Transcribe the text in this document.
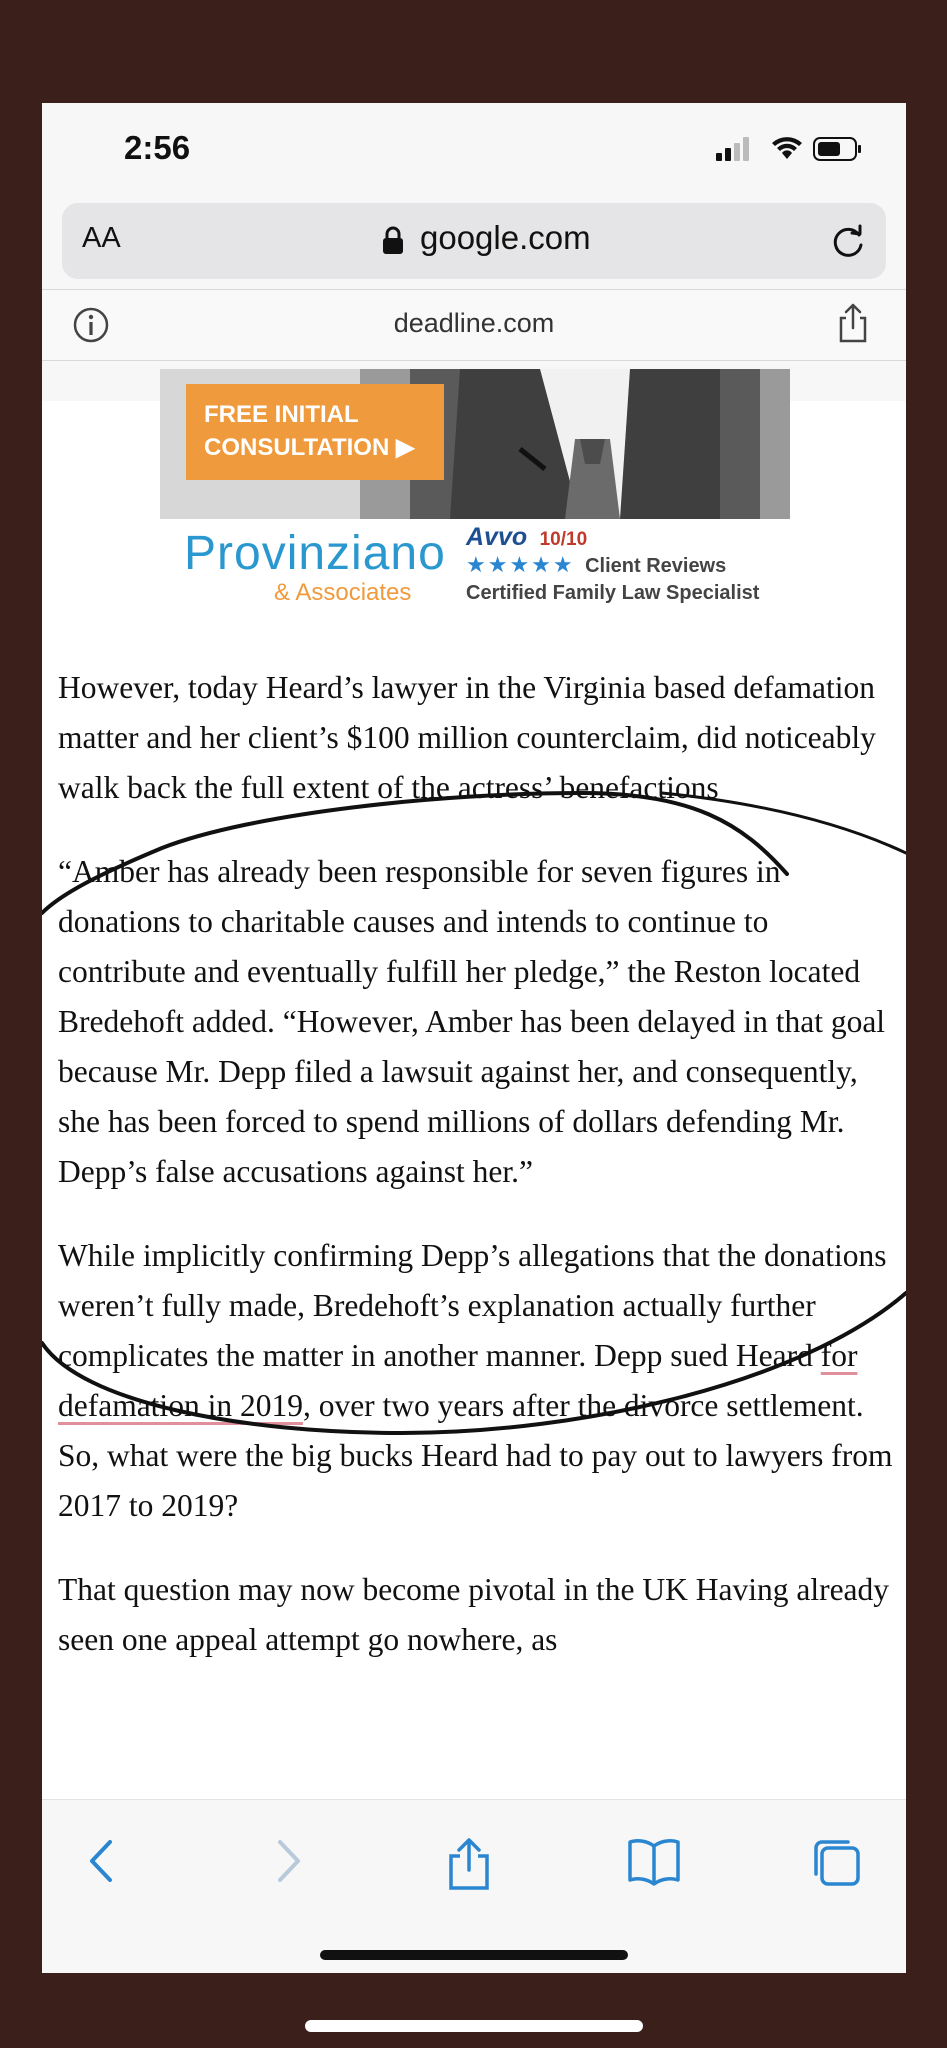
2:56
AA	google.com
deadline.com
FREE INITIAL
CONSULTATION ▶
Provinziano
& Associates
Avvo 10/10
★★★★★ Client Reviews
Certified Family Law Specialist

However, today Heard’s lawyer in the Virginia based defamation matter and her client’s $100 million counterclaim, did noticeably walk back the full extent of the actress’ benefactions

“Amber has already been responsible for seven figures in donations to charitable causes and intends to continue to contribute and eventually fulfill her pledge,” the Reston located Bredehoft added. “However, Amber has been delayed in that goal because Mr. Depp filed a lawsuit against her, and consequently, she has been forced to spend millions of dollars defending Mr. Depp’s false accusations against her.”

While implicitly confirming Depp’s allegations that the donations weren’t fully made, Bredehoft’s explanation actually further complicates the matter in another manner. Depp sued Heard for defamation in 2019, over two years after the divorce settlement. So, what were the big bucks Heard had to pay out to lawyers from 2017 to 2019?

That question may now become pivotal in the UK Having already seen one appeal attempt go nowhere, as
